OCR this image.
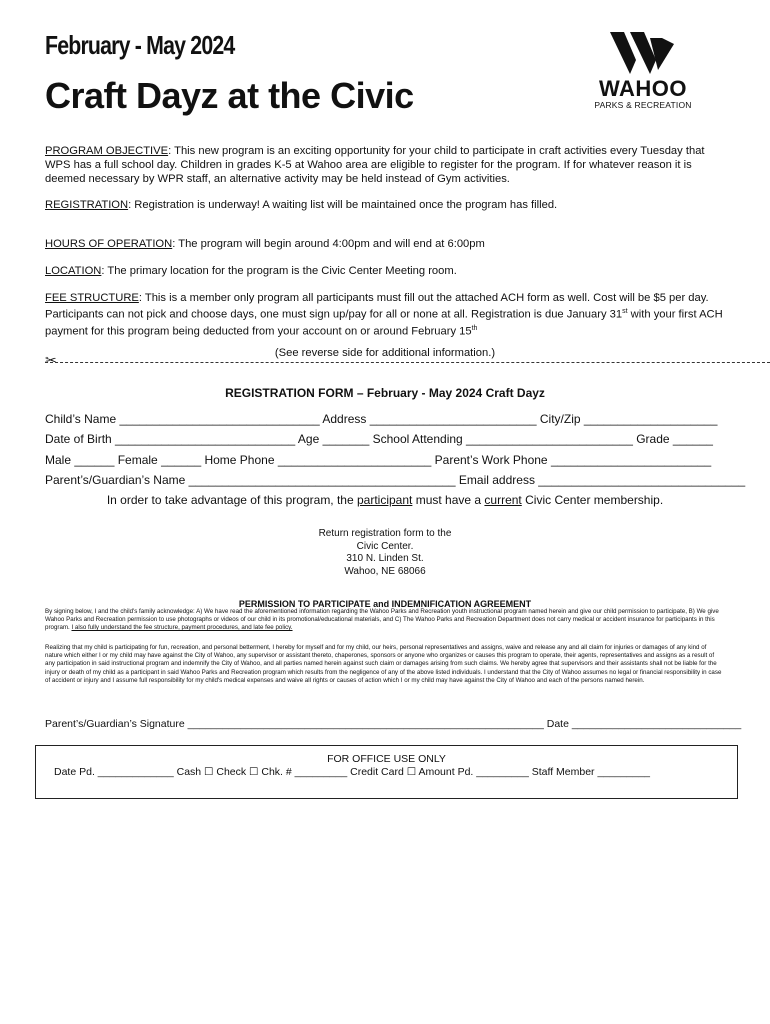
February - May 2024
Craft Dayz at the Civic	WAHOO
PARKS & RECREATION
PROGRAM OBJECTIVE: This new program is an exciting opportunity for your child to participate in craft activities every Tuesday that WPS has a full school day. Children in grades K-5 at Wahoo area are eligible to register for the program. If for whatever reason it is deemed necessary by WPR staff, an alternative activity may be held instead of Gym activities.
REGISTRATION: Registration is underway! A waiting list will be maintained once the program has filled.
HOURS OF OPERATION: The program will begin around 4:00pm and will end at 6:00pm
LOCATION: The primary location for the program is the Civic Center Meeting room.
FEE STRUCTURE: This is a member only program all participants must fill out the attached ACH form as well. Cost will be $5 per day. Participants can not pick and choose days, one must sign up/pay for all or none at all. Registration is due January 31st with your first ACH payment for this program being deducted from your account on or around February 15th
(See reverse side for additional information.)
✂
REGISTRATION FORM – February - May 2024 Craft Dayz
Child’s Name ______________________________ Address _________________________ City/Zip ____________________
Date of Birth ___________________________ Age _______ School Attending _________________________ Grade ______
Male ______ Female ______ Home Phone _______________________ Parent’s Work Phone ________________________
Parent’s/Guardian’s Name ________________________________________ Email address _______________________________
In order to take advantage of this program, the participant must have a current Civic Center membership.
Return registration form to the
Civic Center.
310 N. Linden St.
Wahoo, NE 68066
PERMISSION TO PARTICIPATE and INDEMNIFICATION AGREEMENT
By signing below, I and the child's family acknowledge: A) We have read the aforementioned information regarding the Wahoo Parks and Recreation youth instructional program named herein and give our child permission to participate, B) We give Wahoo Parks and Recreation permission to use photographs or videos of our child in its promotional/educational materials, and C) The Wahoo Parks and Recreation Department does not carry medical or accident insurance for participants in this program. I also fully understand the fee structure, payment procedures, and late fee policy.
Realizing that my child is participating for fun, recreation, and personal betterment, I hereby for myself and for my child, our heirs, personal representatives and assigns, waive and release any and all claim for injuries or damages of any kind of nature which either I or my child may have against the City of Wahoo, any supervisor or assistant thereto, chaperones, sponsors or anyone who organizes or causes this program to operate, their agents, representatives and assigns as a result of any participation in said instructional program and indemnify the City of Wahoo, and all parties named herein against such claim or damages arising from such claims. We hereby agree that supervisors and their assistants shall not be liable for the injury or death of my child as a participant in said Wahoo Parks and Recreation program which results from the negligence of any of the above listed individuals. I understand that the City of Wahoo assumes no legal or financial responsibility in case of accident or injury and I assume full responsibility for my child's medical expenses and waive all rights or causes of action which I or my child may have against the City of Wahoo and each of the persons named herein.
Parent’s/Guardian’s Signature _____________________________________________________________ Date _____________________________
FOR OFFICE USE ONLY
Date Pd. _____________ Cash ☐ Check ☐ Chk. # _________ Credit Card ☐ Amount Pd. _________ Staff Member _________
